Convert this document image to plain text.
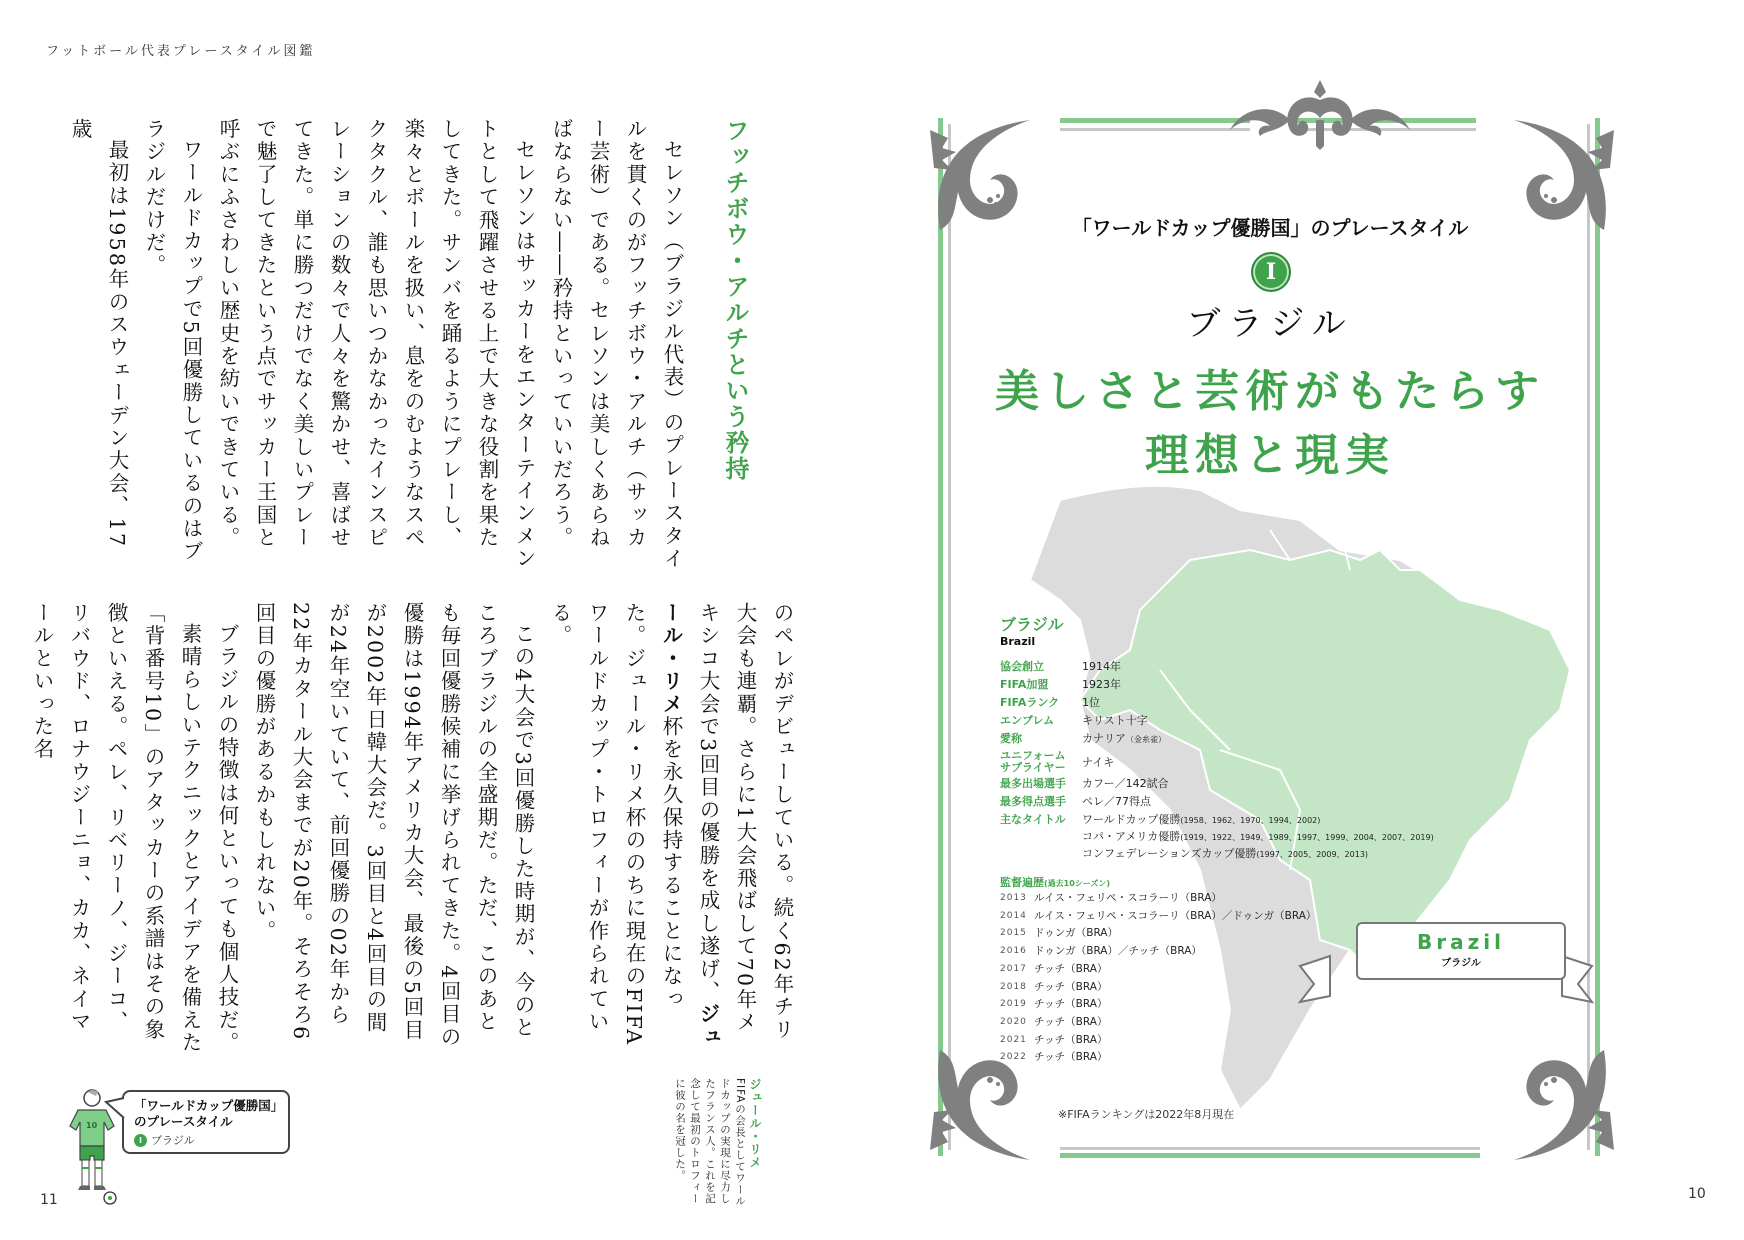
フットボール代表プレースタイル図鑑
フッチボウ・アルチという矜持

セレソン（ブラジル代表）のプレースタイルを貫くのがフッチボウ・アルチ（サッカー芸術）である。セレソンは美しくあらねばならない――矜持といっていいだろう。

セレソンはサッカーをエンターテインメントとして飛躍させる上で大きな役割を果たしてきた。サンバを踊るようにプレーし、楽々とボールを扱い、息をのむようなスペクタクル、誰も思いつかなかったインスピレーションの数々で人々を驚かせ、喜ばせてきた。単に勝つだけでなく美しいプレーで魅了してきたという点でサッカー王国と呼ぶにふさわしい歴史を紡いできている。

ワールドカップで5回優勝しているのはブラジルだけだ。

最初は1958年のスウェーデン大会、17歳

のペレがデビューしている。続く62年チリ大会も連覇。さらに1大会飛ばして70年メキシコ大会で3回目の優勝を成し遂げ、ジュール・リメ杯を永久保持することになった。ジュール・リメ杯ののちに現在のFIFAワールドカップ・トロフィーが作られている。

この4大会で3回優勝した時期が、今のところブラジルの全盛期だ。ただ、このあとも毎回優勝候補に挙げられてきた。4回目の優勝は1994年アメリカ大会、最後の5回目が2002年日韓大会だ。3回目と4回目の間が24年空いていて、前回優勝の02年から22年カタール大会までが20年。そろそろ6回目の優勝があるかもしれない。

ブラジルの特徴は何といっても個人技だ。

素晴らしいテクニックとアイデアを備えた「背番号10」のアタッカーの系譜はその象徴といえる。ペレ、リベリーノ、ジーコ、リバウド、ロナウジーニョ、カカ、ネイマールといった名

ジュール・リメ
FIFAの会長としてワールドカップの実現に尽力したフランス人。これを記念して最初のトロフィーに彼の名を冠した。
10
「ワールドカップ優勝国」のプレースタイル
I ブラジル
11
「ワールドカップ優勝国」のプレースタイル
I
ブラジル
美しさと芸術がもたらす
理想と現実
ブラジル
Brazil
協会創立	1914年
FIFA加盟	1923年
FIFAランク	1位
エンブレム	キリスト十字
愛称	カナリア（金糸雀）
ユニフォームサプライヤー	ナイキ
最多出場選手	カフー／142試合
最多得点選手	ペレ／77得点
主なタイトル	ワールドカップ優勝(1958、1962、1970、1994、2002)
コパ・アメリカ優勝(1919、1922、1949、1989、1997、1999、2004、2007、2019)
コンフェデレーションズカップ優勝(1997、2005、2009、2013)
監督遍歴(過去10シーズン)
2013 ルイス・フェリペ・スコラーリ（BRA）
2014 ルイス・フェリペ・スコラーリ（BRA）／ドゥンガ（BRA）
2015 ドゥンガ（BRA）
2016 ドゥンガ（BRA）／チッチ（BRA）
2017 チッチ（BRA）
2018 チッチ（BRA）
2019 チッチ（BRA）
2020 チッチ（BRA）
2021 チッチ（BRA）
2022 チッチ（BRA）
Brazil
ブラジル
※FIFAランキングは2022年8月現在
10
